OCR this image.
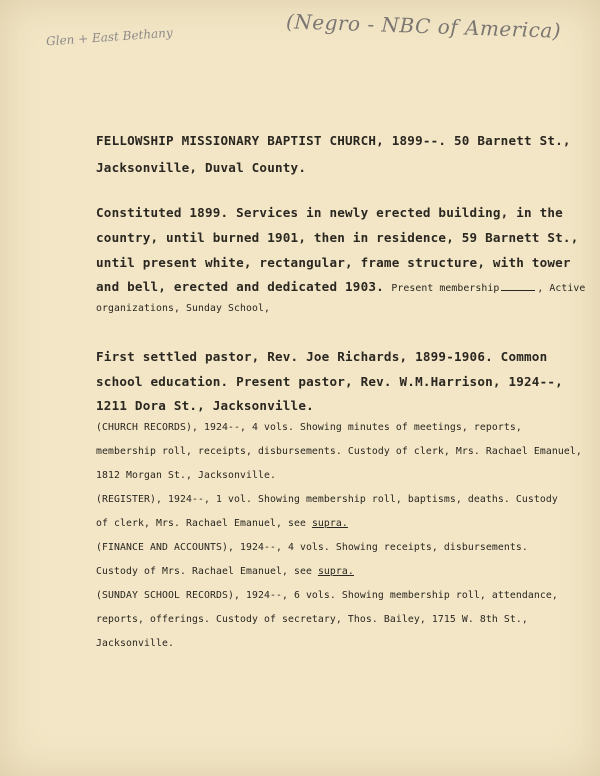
Glen + East Bethany	(Negro - NBC of America)
FELLOWSHIP MISSIONARY BAPTIST CHURCH, 1899--. 50 Barnett St.,
Jacksonville, Duval County.
Constituted 1899. Services in newly erected building, in the
country, until burned 1901, then in residence, 59 Barnett St.,
until present white, rectangular, frame structure, with tower
and bell, erected and dedicated 1903. Present membership	, Active
organizations, Sunday School,
First settled pastor, Rev. Joe Richards, 1899-1906. Common
school education. Present pastor, Rev. W.M.Harrison, 1924--,
1211 Dora St., Jacksonville.
(CHURCH RECORDS), 1924--, 4 vols. Showing minutes of meetings, reports,
membership roll, receipts, disbursements. Custody of clerk, Mrs. Rachael Emanuel,
1812 Morgan St., Jacksonville.
(REGISTER), 1924--, 1 vol. Showing membership roll, baptisms, deaths. Custody
of clerk, Mrs. Rachael Emanuel, see supra.
(FINANCE AND ACCOUNTS), 1924--, 4 vols. Showing receipts, disbursements.
Custody of Mrs. Rachael Emanuel, see supra.
(SUNDAY SCHOOL RECORDS), 1924--, 6 vols. Showing membership roll, attendance,
reports, offerings. Custody of secretary, Thos. Bailey, 1715 W. 8th St.,
Jacksonville.
